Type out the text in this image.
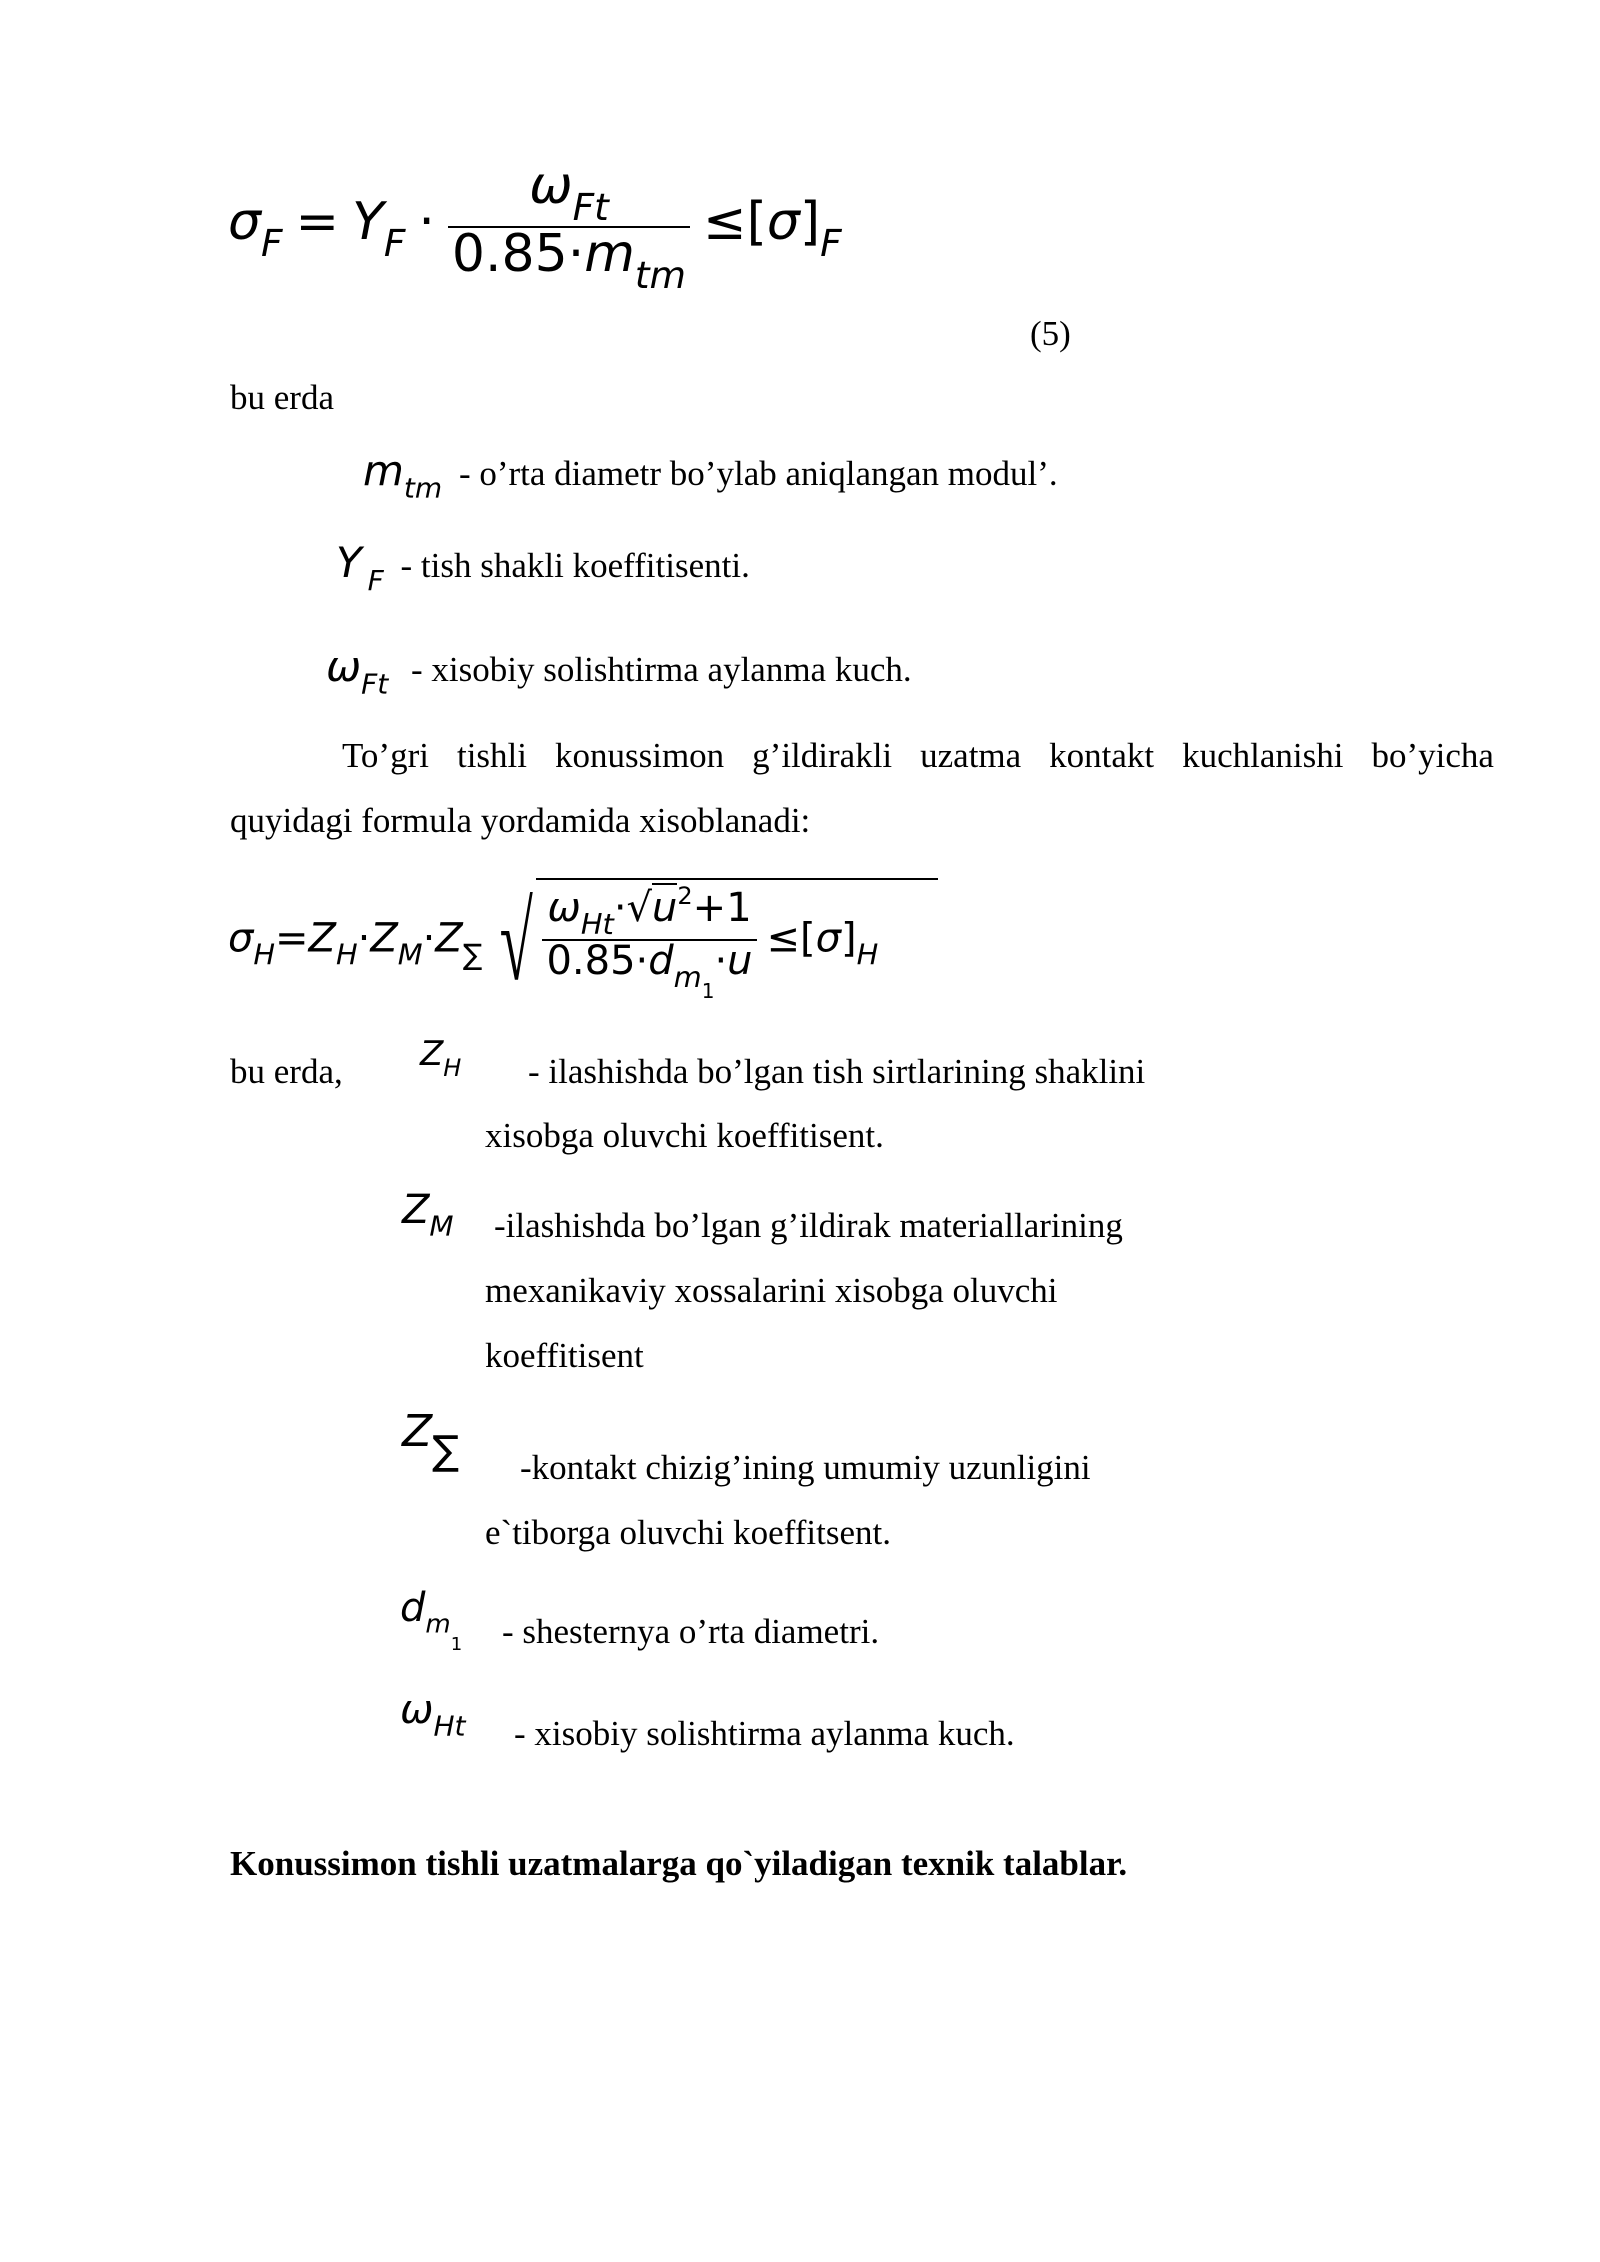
$\sigma_F = Y_F \cdot \frac{\omega_{Ft}}{0.85\cdot m_{tm}} \le[\sigma]_F$
(5)
bu erda
$m_{tm}$ - o’rta diametr bo’ylab aniqlangan modul’.
Y $_F$ - tish shakli koeffitisenti.
$\omega_{Ft}$ - xisobiy solishtirma aylanma kuch.
To’gri tishli konussimon g’ildirakli uzatma kontakt kuchlanishi bo’yicha
quyidagi formula yordamida xisoblanadi:
$\sigma_H=Z_H\cdot Z_M\cdot Z_\sum$ √ $\frac{\omega_{Ht}\cdot√u^2+1}{0.85\cdot d_{m1}\cdot u} \le[\sigma]_H$
bu erda, $Z_H$ - ilashishda bo’lgan tish sirtlarining shaklini
xisobga oluvchi koeffitisent.
$Z_M$ -ilashishda bo’lgan g’ildirak materiallarining
mexanikaviy xossalarini xisobga oluvchi
koeffitisent
Z∑ -kontakt chizig’ining umumiy uzunligini
e`tiborga oluvchi koeffitsent.
$d_{m1}$ - shesternya o’rta diametri.
$\omega_{Ht}$ - xisobiy solishtirma aylanma kuch.
Konussimon tishli uzatmalarga qo`yiladigan texnik talablar.
